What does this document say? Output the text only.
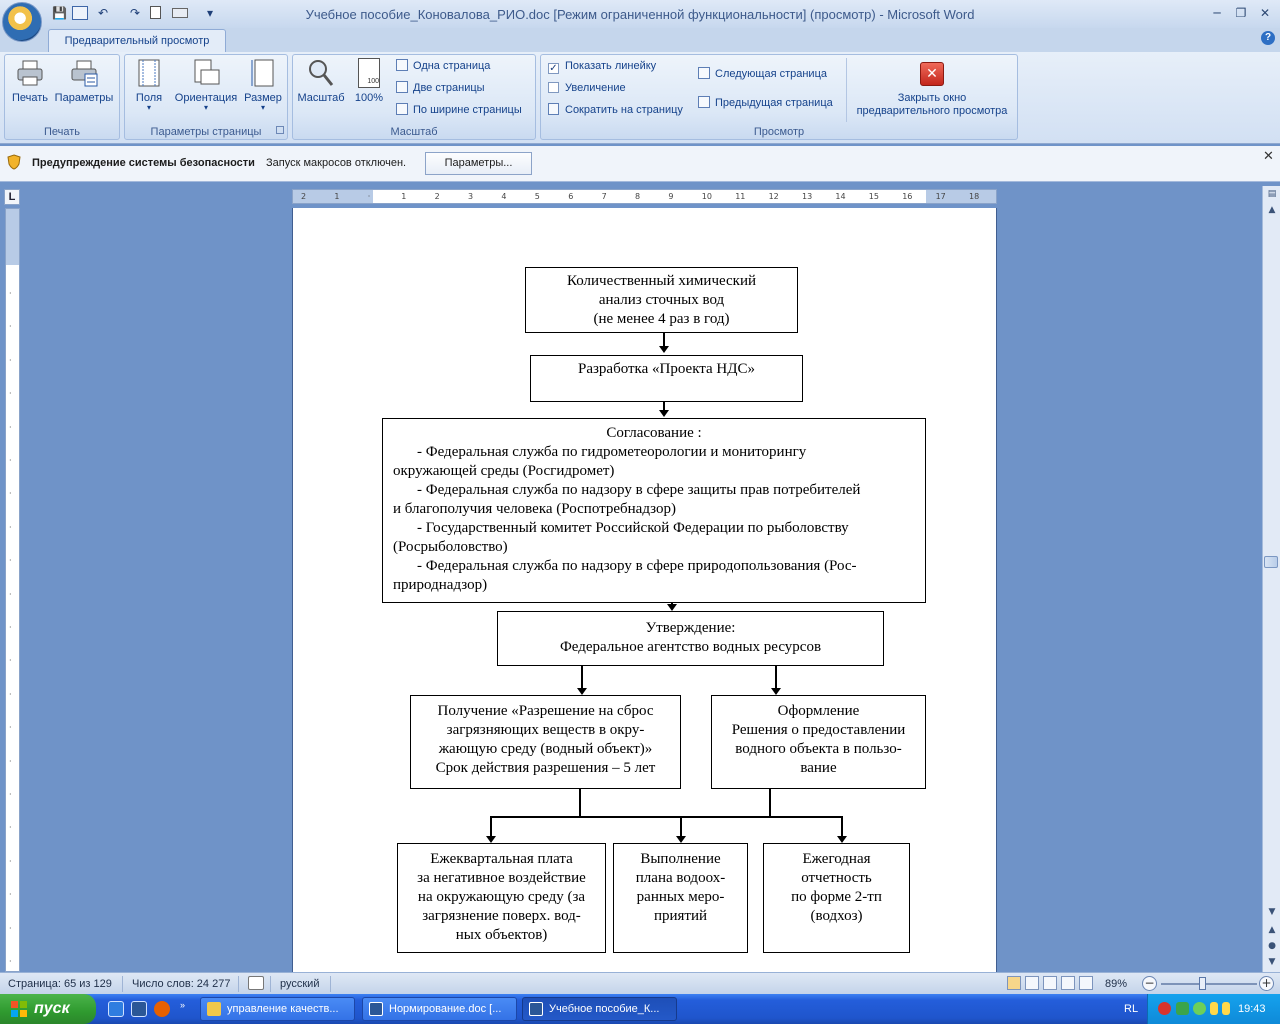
💾	↶ ↷	▾	Учебное пособие_Коновалова_РИО.doc [Режим ограниченной функциональности] (просмотр) - Microsoft Word	─	❐	✕
Предварительный просмотр	?
Печать
Печать Параметры
Параметры страницы
Поля
▾
Ориентация
▾
Размер
▾
Масштаб
Масштаб
100
100%
Одна страница
Две страницы
По ширине страницы
Просмотр
✓ Показать линейку
Увеличение
Сократить на страницу
Следующая страница
Предыдущая страница
✕
Закрыть окно
предварительного просмотра
Предупреждение системы безопасности Запуск макросов отключен.	Параметры...	✕
L	2	1	·	1	2	3	4	5	6	7	8	9	10	11	12	13	14	15	16	17	18
·
·
·
·
·
·
·
·
·
·
·
·
·
·
·
·
·
·
·
·
·
Количественный химический
анализ сточных вод
(не менее 4 раз в год)
Разработка «Проекта НДС»
Согласование :
- Федеральная служба по гидрометеорологии и мониторингу
окружающей среды (Росгидромет)
- Федеральная служба по надзору в сфере защиты прав потребителей
и благополучия человека (Роспотребнадзор)
- Государственный комитет Российской Федерации по рыболовству
(Росрыболовство)
- Федеральная служба по надзору в сфере природопользования (Рос-
природнадзор)
Утверждение:
Федеральное агентство водных ресурсов
Получение «Разрешение на сброс
загрязняющих веществ в окру-
жающую среду (водный объект)»
Срок действия разрешения – 5 лет
Оформление
Решения о предоставлении
водного объекта в пользо-
вание
Ежеквартальная плата
за негативное воздействие
на окружающую среду (за
загрязнение поверх. вод-
ных объектов)
Выполнение
плана водоох-
ранных меро-
приятий
Ежегодная
отчетность
по форме 2-тп
(водхоз)
▤
▲
▼
▲
●
▼
Страница: 65 из 129 Число слов: 24 277	русский	89% −	+
пуск	»	управление качеств...	Нормирование.doc [...	Учебное пособие_К...	RL	19:43
